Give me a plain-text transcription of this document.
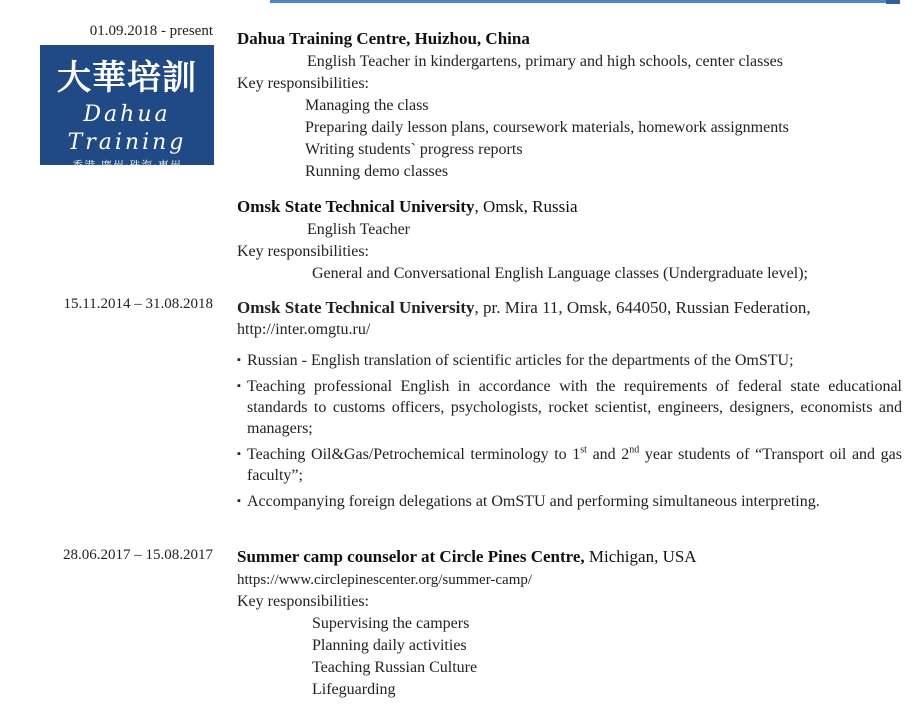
01.09.2018 - present
大華培訓
Dahua Training
香港·廣州·珠海·惠州
Dahua Training Centre, Huizhou, China
English Teacher in kindergartens, primary and high schools, center classes
Key responsibilities:
Managing the class
Preparing daily lesson plans, coursework materials, homework assignments
Writing students` progress reports
Running demo classes
Omsk State Technical University, Omsk, Russia
English Teacher
Key responsibilities:
General and Conversational English Language classes (Undergraduate level);
15.11.2014 – 31.08.2018 Omsk State Technical University, pr. Mira 11, Omsk, 644050, Russian Federation,
http://inter.omgtu.ru/
▪ Russian - English translation of scientific articles for the departments of the OmSTU;
▪ Teaching professional English in accordance with the requirements of federal state educational standards to customs officers, psychologists, rocket scientist, engineers, designers, economists and managers;
▪ Teaching Oil&Gas/Petrochemical terminology to 1st and 2nd year students of “Transport oil and gas faculty”;
▪ Accompanying foreign delegations at OmSTU and performing simultaneous interpreting.
28.06.2017 – 15.08.2017 Summer camp counselor at Circle Pines Centre, Michigan, USA
https://www.circlepinescenter.org/summer-camp/
Key responsibilities:
Supervising the campers
Planning daily activities
Teaching Russian Culture
Lifeguarding
